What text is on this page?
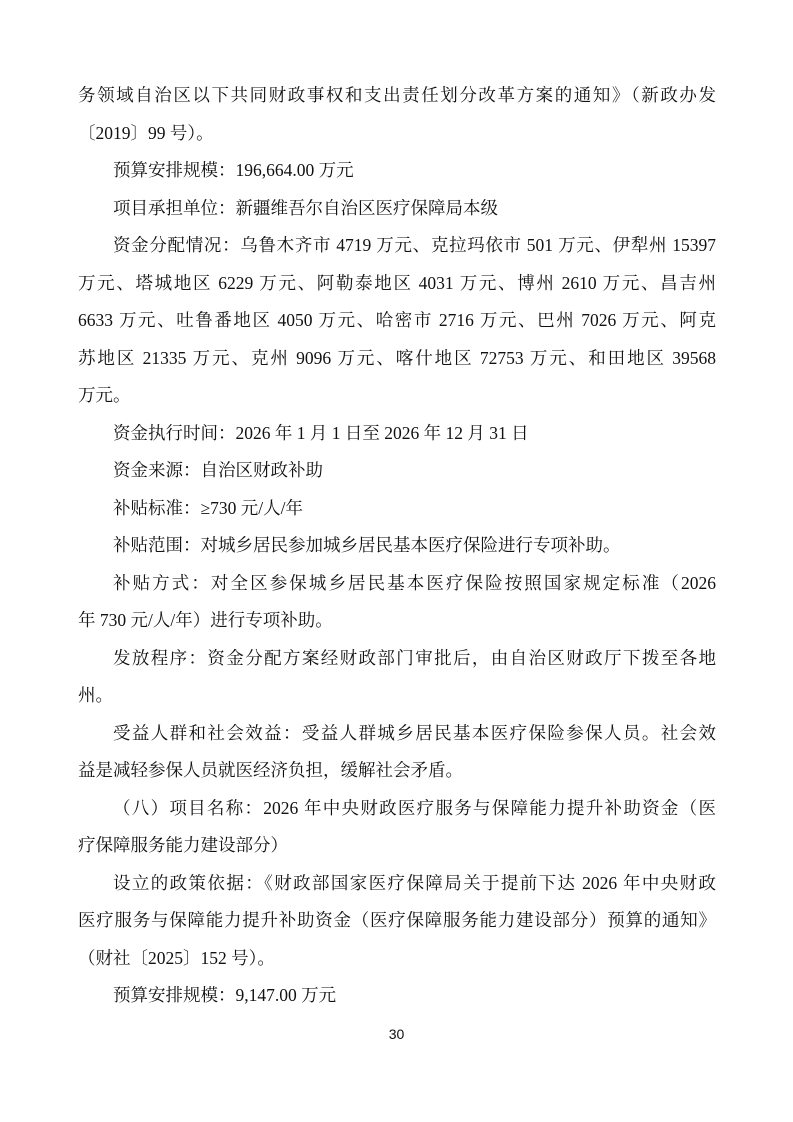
务领域自治区以下共同财政事权和支出责任划分改革方案的通知》（新政办发
〔2019〕99 号）。
预算安排规模：196,664.00 万元
项目承担单位：新疆维吾尔自治区医疗保障局本级
资金分配情况：乌鲁木齐市 4719 万元、克拉玛依市 501 万元、伊犁州 15397
万元、塔城地区 6229 万元、阿勒泰地区 4031 万元、博州 2610 万元、昌吉州
6633 万元、吐鲁番地区 4050 万元、哈密市 2716 万元、巴州 7026 万元、阿克
苏地区 21335 万元、克州 9096 万元、喀什地区 72753 万元、和田地区 39568
万元。
资金执行时间：2026 年 1 月 1 日至 2026 年 12 月 31 日
资金来源：自治区财政补助
补贴标准：≥730 元/人/年
补贴范围：对城乡居民参加城乡居民基本医疗保险进行专项补助。
补贴方式：对全区参保城乡居民基本医疗保险按照国家规定标准（2026
年 730 元/人/年）进行专项补助。
发放程序：资金分配方案经财政部门审批后，由自治区财政厅下拨至各地
州。
受益人群和社会效益：受益人群城乡居民基本医疗保险参保人员。社会效
益是减轻参保人员就医经济负担，缓解社会矛盾。
（八）项目名称：2026 年中央财政医疗服务与保障能力提升补助资金（医
疗保障服务能力建设部分）
设立的政策依据：《财政部国家医疗保障局关于提前下达 2026 年中央财政
医疗服务与保障能力提升补助资金（医疗保障服务能力建设部分）预算的通知》
（财社〔2025〕152 号）。
预算安排规模：9,147.00 万元
30
